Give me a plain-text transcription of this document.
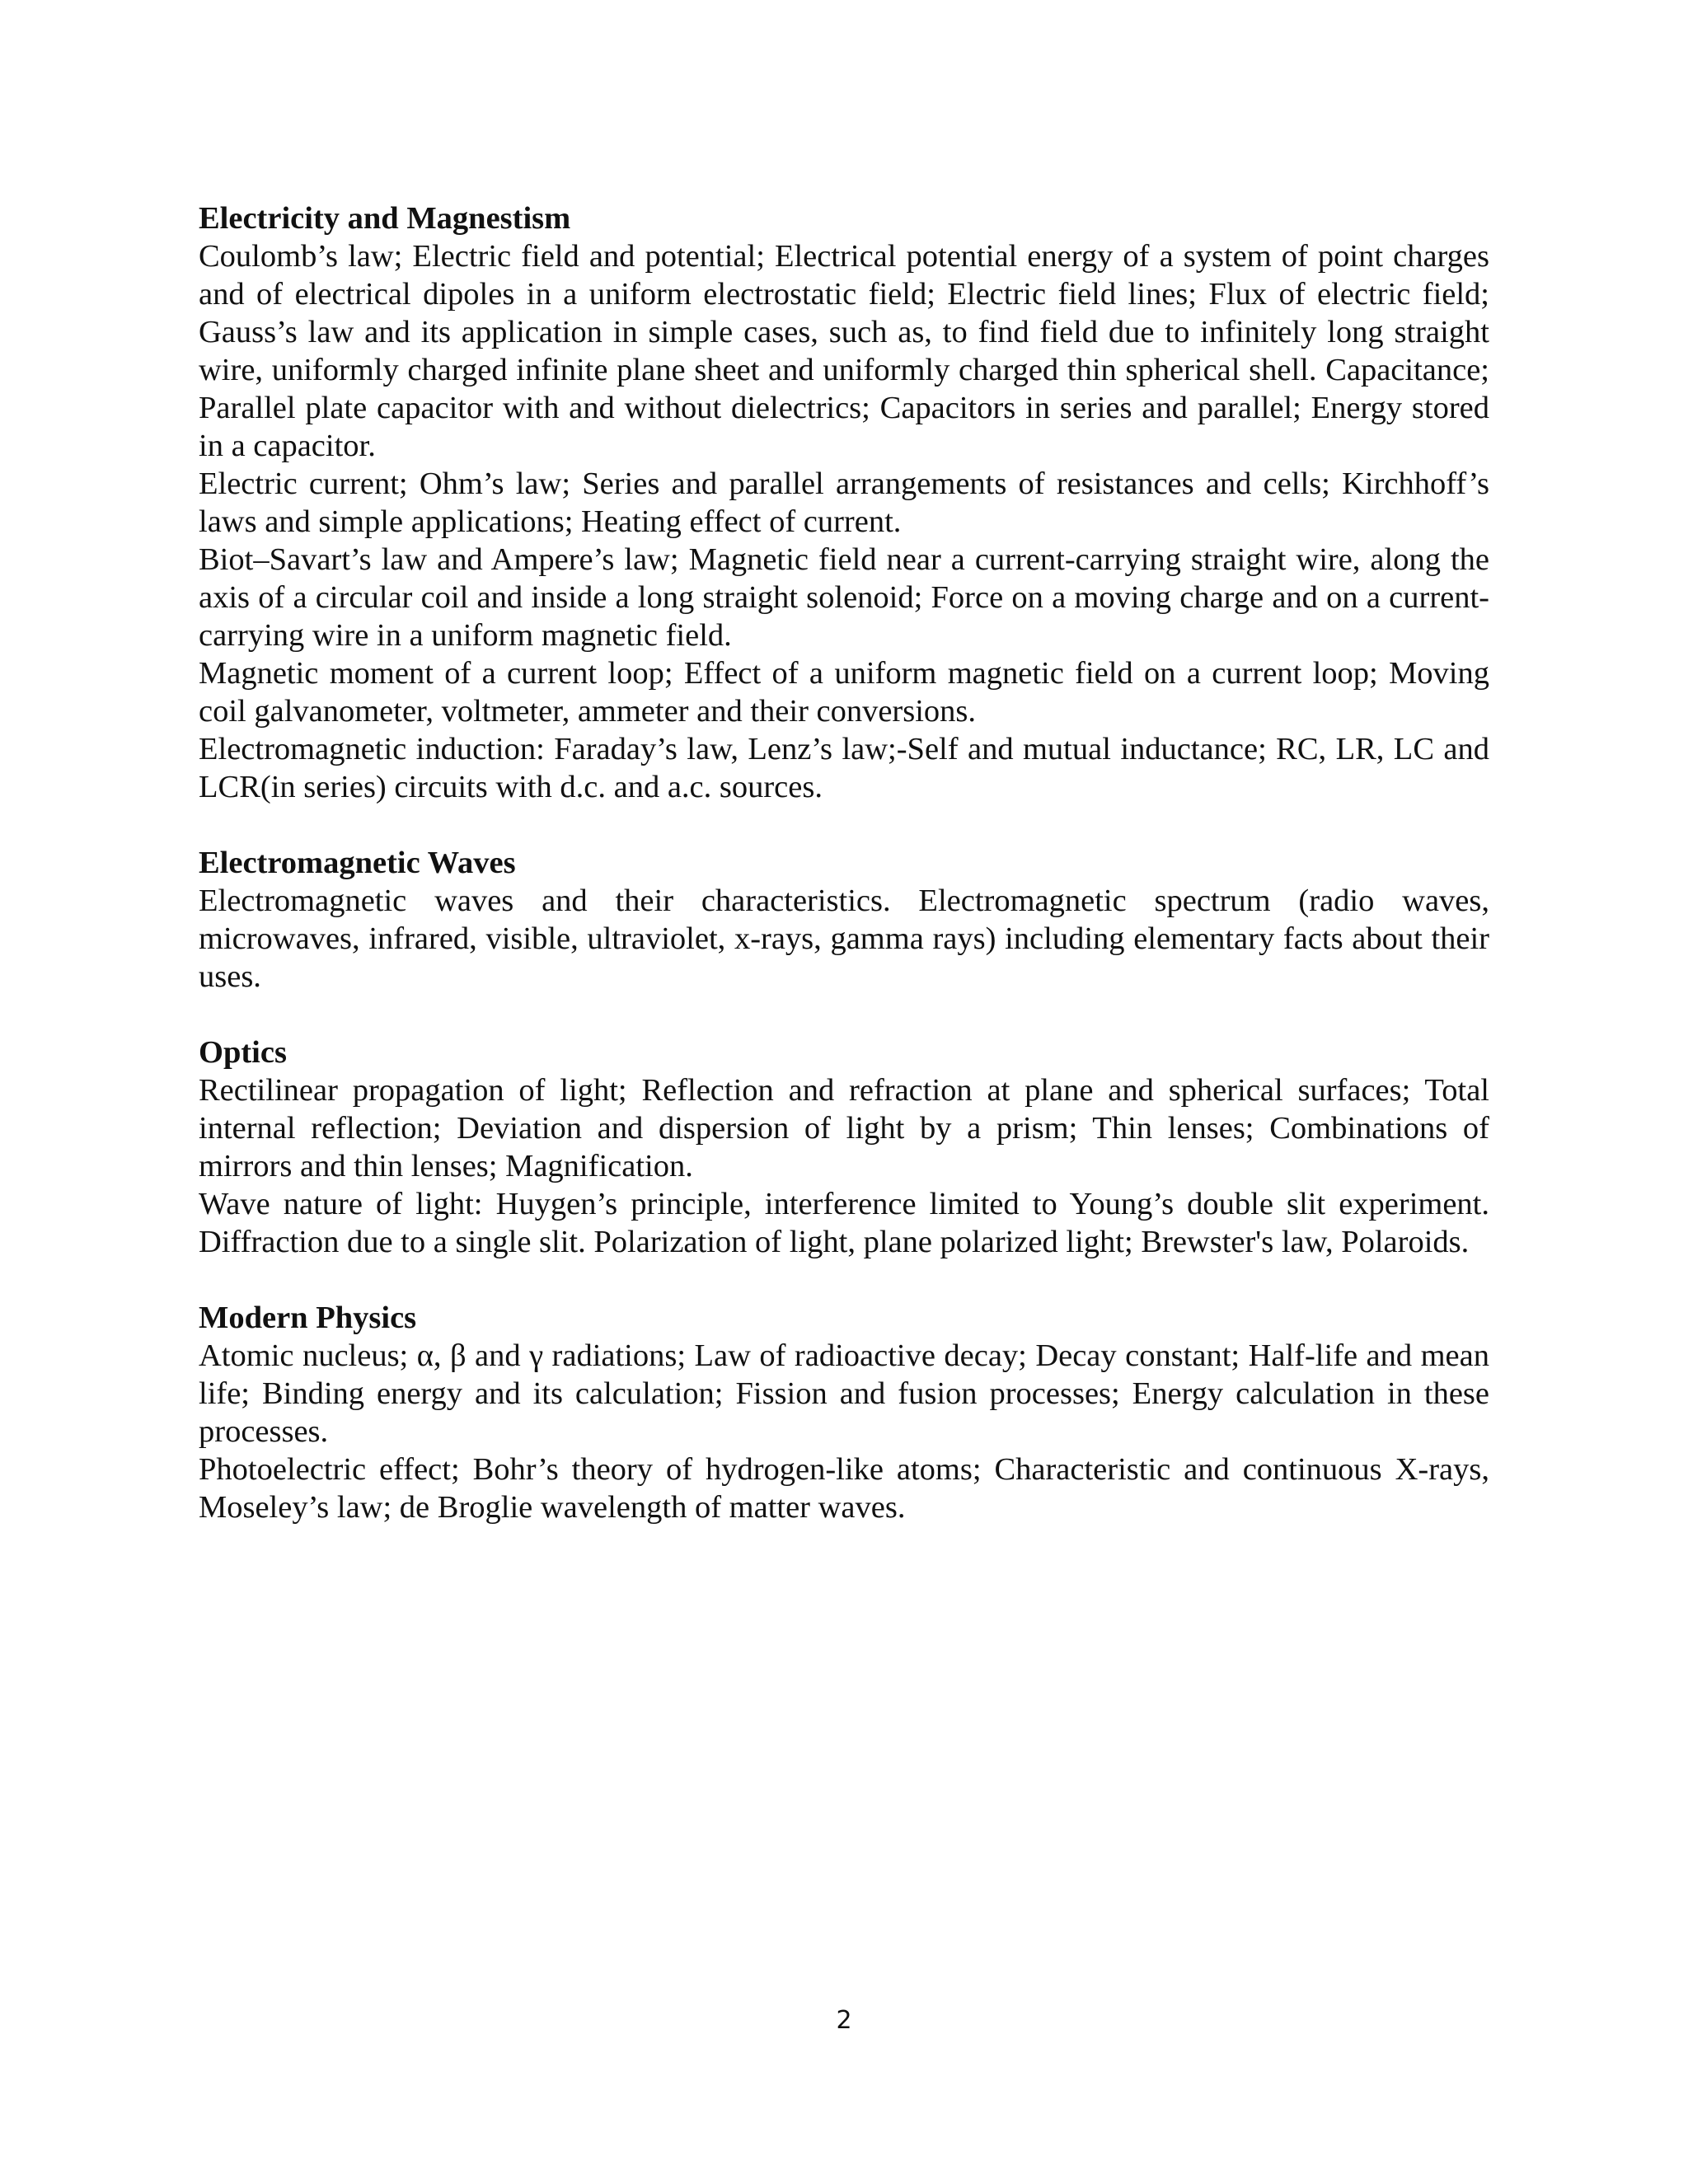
Electricity and Magnestism

Coulomb’s law; Electric field and potential; Electrical potential energy of a system of point charges and of electrical dipoles in a uniform electrostatic field; Electric field lines; Flux of electric field; Gauss’s law and its application in simple cases, such as, to find field due to infinitely long straight wire, uniformly charged infinite plane sheet and uniformly charged thin spherical shell. Capacitance; Parallel plate capacitor with and without dielectrics; Capacitors in series and parallel; Energy stored in a capacitor.

Electric current; Ohm’s law; Series and parallel arrangements of resistances and cells; Kirchhoff’s laws and simple applications; Heating effect of current.

Biot–Savart’s law and Ampere’s law; Magnetic field near a current-carrying straight wire, along the axis of a circular coil and inside a long straight solenoid; Force on a moving charge and on a current-carrying wire in a uniform magnetic field.

Magnetic moment of a current loop; Effect of a uniform magnetic field on a current loop; Moving coil galvanometer, voltmeter, ammeter and their conversions.

Electromagnetic induction: Faraday’s law, Lenz’s law;-Self and mutual inductance; RC, LR, LC and LCR(in series) circuits with d.c. and a.c. sources.

Electromagnetic Waves

Electromagnetic waves and their characteristics. Electromagnetic spectrum (radio waves, microwaves, infrared, visible, ultraviolet, x-rays, gamma rays) including elementary facts about their uses.

Optics

Rectilinear propagation of light; Reflection and refraction at plane and spherical surfaces; Total internal reflection; Deviation and dispersion of light by a prism; Thin lenses; Combinations of mirrors and thin lenses; Magnification.

Wave nature of light: Huygen’s principle, interference limited to Young’s double slit experiment. Diffraction due to a single slit. Polarization of light, plane polarized light; Brewster's law, Polaroids.

Modern Physics

Atomic nucleus; α, β and γ radiations; Law of radioactive decay; Decay constant; Half-life and mean life; Binding energy and its calculation; Fission and fusion processes; Energy calculation in these processes.

Photoelectric effect; Bohr’s theory of hydrogen-like atoms; Characteristic and continuous X-rays, Moseley’s law; de Broglie wavelength of matter waves.

2
